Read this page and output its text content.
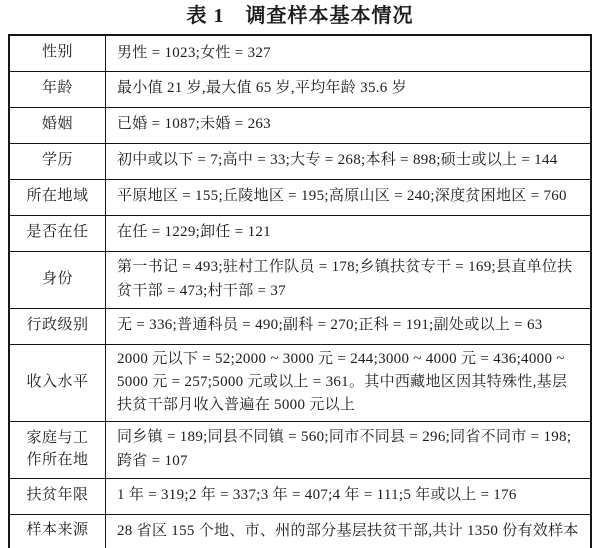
表 1　调查样本基本情况
性别	男性 = 1023;女性 = 327
年龄	最小值 21 岁,最大值 65 岁,平均年龄 35.6 岁
婚姻	已婚 = 1087;未婚 = 263
学历	初中或以下 = 7;高中 = 33;大专 = 268;本科 = 898;硕士或以上 = 144
所在地域	平原地区 = 155;丘陵地区 = 195;高原山区 = 240;深度贫困地区 = 760
是否在任	在任 = 1229;卸任 = 121
身份	第一书记 = 493;驻村工作队员 = 178;乡镇扶贫专干 = 169;县直单位扶贫干部 = 473;村干部 = 37
行政级别	无 = 336;普通科员 = 490;副科 = 270;正科 = 191;副处或以上 = 63
收入水平	2000 元以下 = 52;2000 ~ 3000 元 = 244;3000 ~ 4000 元 = 436;4000 ~ 5000 元 = 257;5000 元或以上 = 361。其中西藏地区因其特殊性,基层扶贫干部月收入普遍在 5000 元以上
家庭与工作所在地	同乡镇 = 189;同县不同镇 = 560;同市不同县 = 296;同省不同市 = 198;跨省 = 107
扶贫年限	1 年 = 319;2 年 = 337;3 年 = 407;4 年 = 111;5 年或以上 = 176
样本来源	28 省区 155 个地、市、州的部分基层扶贫干部,共计 1350 份有效样本
